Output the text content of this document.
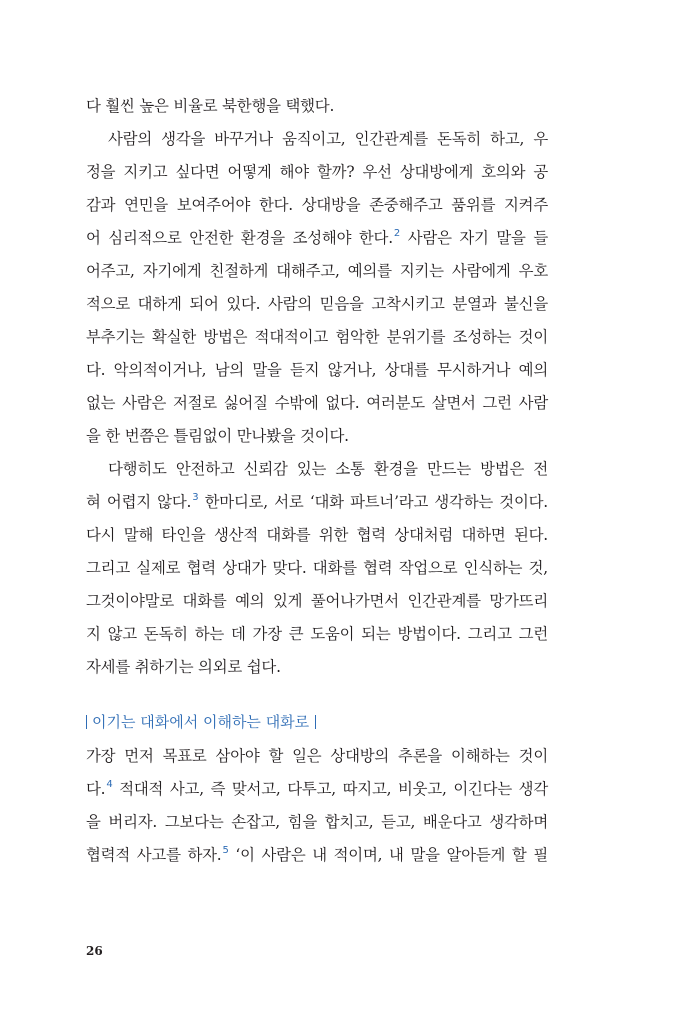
다 훨씬 높은 비율로 북한행을 택했다.
사람의 생각을 바꾸거나 움직이고, 인간관계를 돈독히 하고, 우
정을 지키고 싶다면 어떻게 해야 할까? 우선 상대방에게 호의와 공
감과 연민을 보여주어야 한다. 상대방을 존중해주고 품위를 지켜주
어 심리적으로 안전한 환경을 조성해야 한다.$^2$ 사람은 자기 말을 들
어주고, 자기에게 친절하게 대해주고, 예의를 지키는 사람에게 우호
적으로 대하게 되어 있다. 사람의 믿음을 고착시키고 분열과 불신을
부추기는 확실한 방법은 적대적이고 험악한 분위기를 조성하는 것이
다. 악의적이거나, 남의 말을 듣지 않거나, 상대를 무시하거나 예의
없는 사람은 저절로 싫어질 수밖에 없다. 여러분도 살면서 그런 사람
을 한 번쯤은 틀림없이 만나봤을 것이다.
다행히도 안전하고 신뢰감 있는 소통 환경을 만드는 방법은 전
혀 어렵지 않다.$^3$ 한마디로, 서로 ‘대화 파트너’라고 생각하는 것이다.
다시 말해 타인을 생산적 대화를 위한 협력 상대처럼 대하면 된다.
그리고 실제로 협력 상대가 맞다. 대화를 협력 작업으로 인식하는 것,
그것이야말로 대화를 예의 있게 풀어나가면서 인간관계를 망가뜨리
지 않고 돈독히 하는 데 가장 큰 도움이 되는 방법이다. 그리고 그런
자세를 취하기는 의외로 쉽다.
이기는 대화에서 이해하는 대화로
가장 먼저 목표로 삼아야 할 일은 상대방의 추론을 이해하는 것이
다.$^4$ 적대적 사고, 즉 맞서고, 다투고, 따지고, 비웃고, 이긴다는 생각
을 버리자. 그보다는 손잡고, 힘을 합치고, 듣고, 배운다고 생각하며
협력적 사고를 하자.$^5$ ‘이 사람은 내 적이며, 내 말을 알아듣게 할 필
26
